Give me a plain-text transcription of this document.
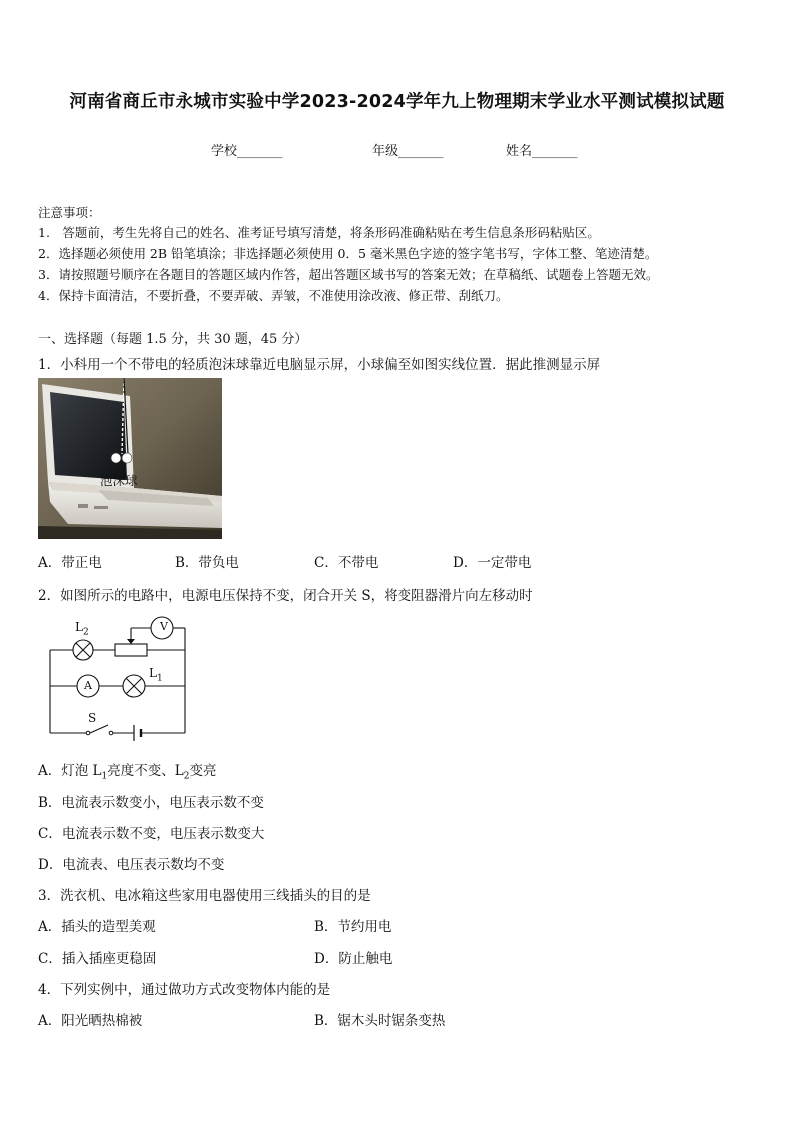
河南省商丘市永城市实验中学2023-2024学年九上物理期末学业水平测试模拟试题
学校_______	年级_______	姓名_______
注意事项：
1.　答题前，考生先将自己的姓名、准考证号填写清楚，将条形码准确粘贴在考生信息条形码粘贴区。
2．选择题必须使用 2B 铅笔填涂；非选择题必须使用 0．5 毫米黑色字迹的签字笔书写，字体工整、笔迹清楚。
3．请按照题号顺序在各题目的答题区域内作答，超出答题区域书写的答案无效；在草稿纸、试题卷上答题无效。
4．保持卡面清洁，不要折叠，不要弄破、弄皱，不准使用涂改液、修正带、刮纸刀。
一、选择题（每题 1.5 分，共 30 题，45 分）
1．小科用一个不带电的轻质泡沫球靠近电脑显示屏，小球偏至如图实线位置．据此推测显示屏
泡沫球
A．带正电	B．带负电	C．不带电	D．一定带电
2．如图所示的电路中，电源电压保持不变，闭合开关 S，将变阻器滑片向左移动时
$L_2$
$L_1$
V
A
S
A．灯泡 $L_1$亮度不变、$L_2$变亮
B．电流表示数变小，电压表示数不变
C．电流表示数不变，电压表示数变大
D．电流表、电压表示数均不变
3．洗衣机、电冰箱这些家用电器使用三线插头的目的是
A．插头的造型美观	B．节约用电
C．插入插座更稳固	D．防止触电
4．下列实例中，通过做功方式改变物体内能的是
A．阳光晒热棉被	B．锯木头时锯条变热
